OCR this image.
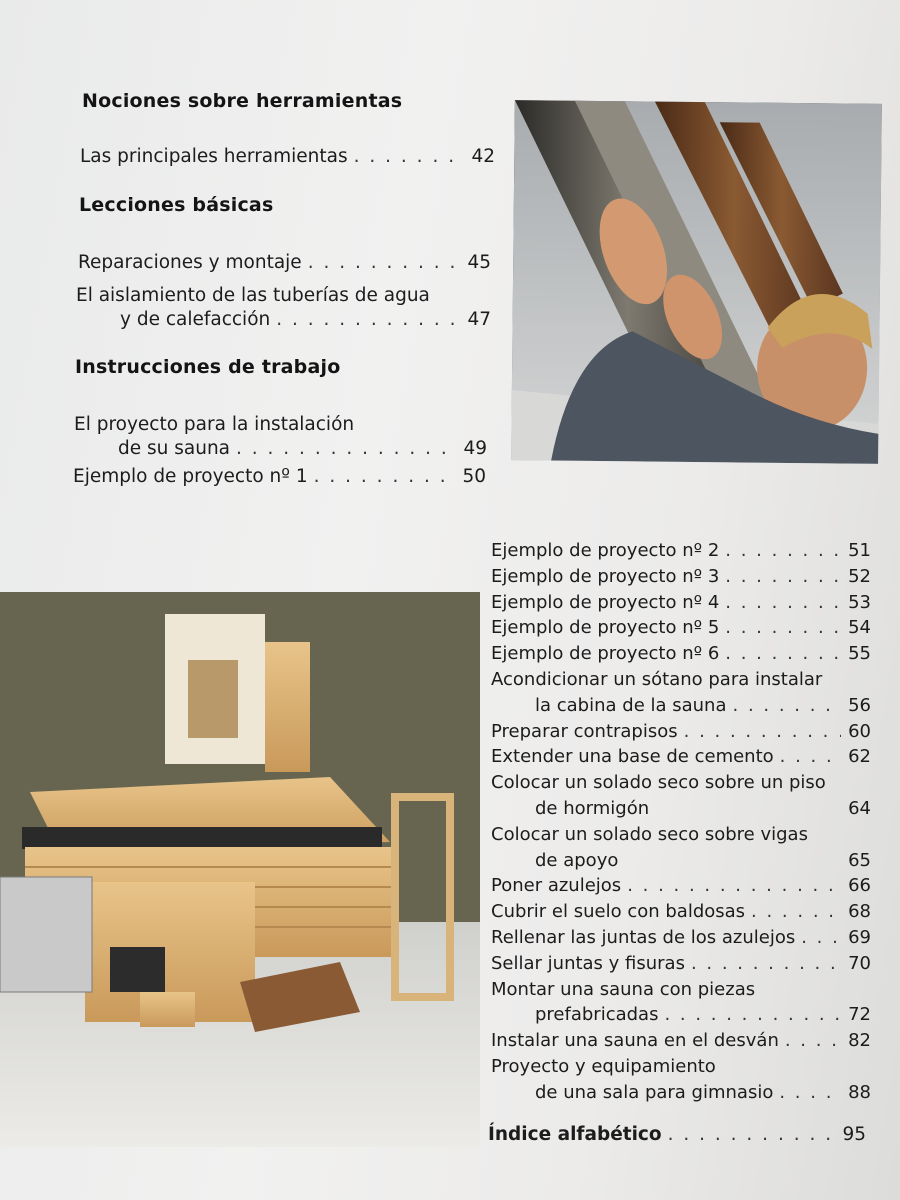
Nociones sobre herramientas
Las principales herramientas . . .	42
Lecciones básicas
Reparaciones y montaje . . .	45
El aislamiento de las tuberías de agua
y de calefacción . . .	47
Instrucciones de trabajo
El proyecto para la instalación
de su sauna . . .	49
Ejemplo de proyecto nº 1 . . .	50
Ejemplo de proyecto nº 2 . . .	51
Ejemplo de proyecto nº 3 . . .	52
Ejemplo de proyecto nº 4 . . .	53
Ejemplo de proyecto nº 5 . . .	54
Ejemplo de proyecto nº 6 . . .	55
Acondicionar un sótano para instalar
la cabina de la sauna . . .	56
Preparar contrapisos . . .	60
Extender una base de cemento . . .	62
Colocar un solado seco sobre un piso
de hormigón	64
Colocar un solado seco sobre vigas
de apoyo	65
Poner azulejos . . .	66
Cubrir el suelo con baldosas . . .	68
Rellenar las juntas de los azulejos . . .	69
Sellar juntas y fisuras . . .	70
Montar una sauna con piezas
prefabricadas . . .	72
Instalar una sauna en el desván . . .	82
Proyecto y equipamiento
de una sala para gimnasio . . .	88
Índice alfabético . . .	95
